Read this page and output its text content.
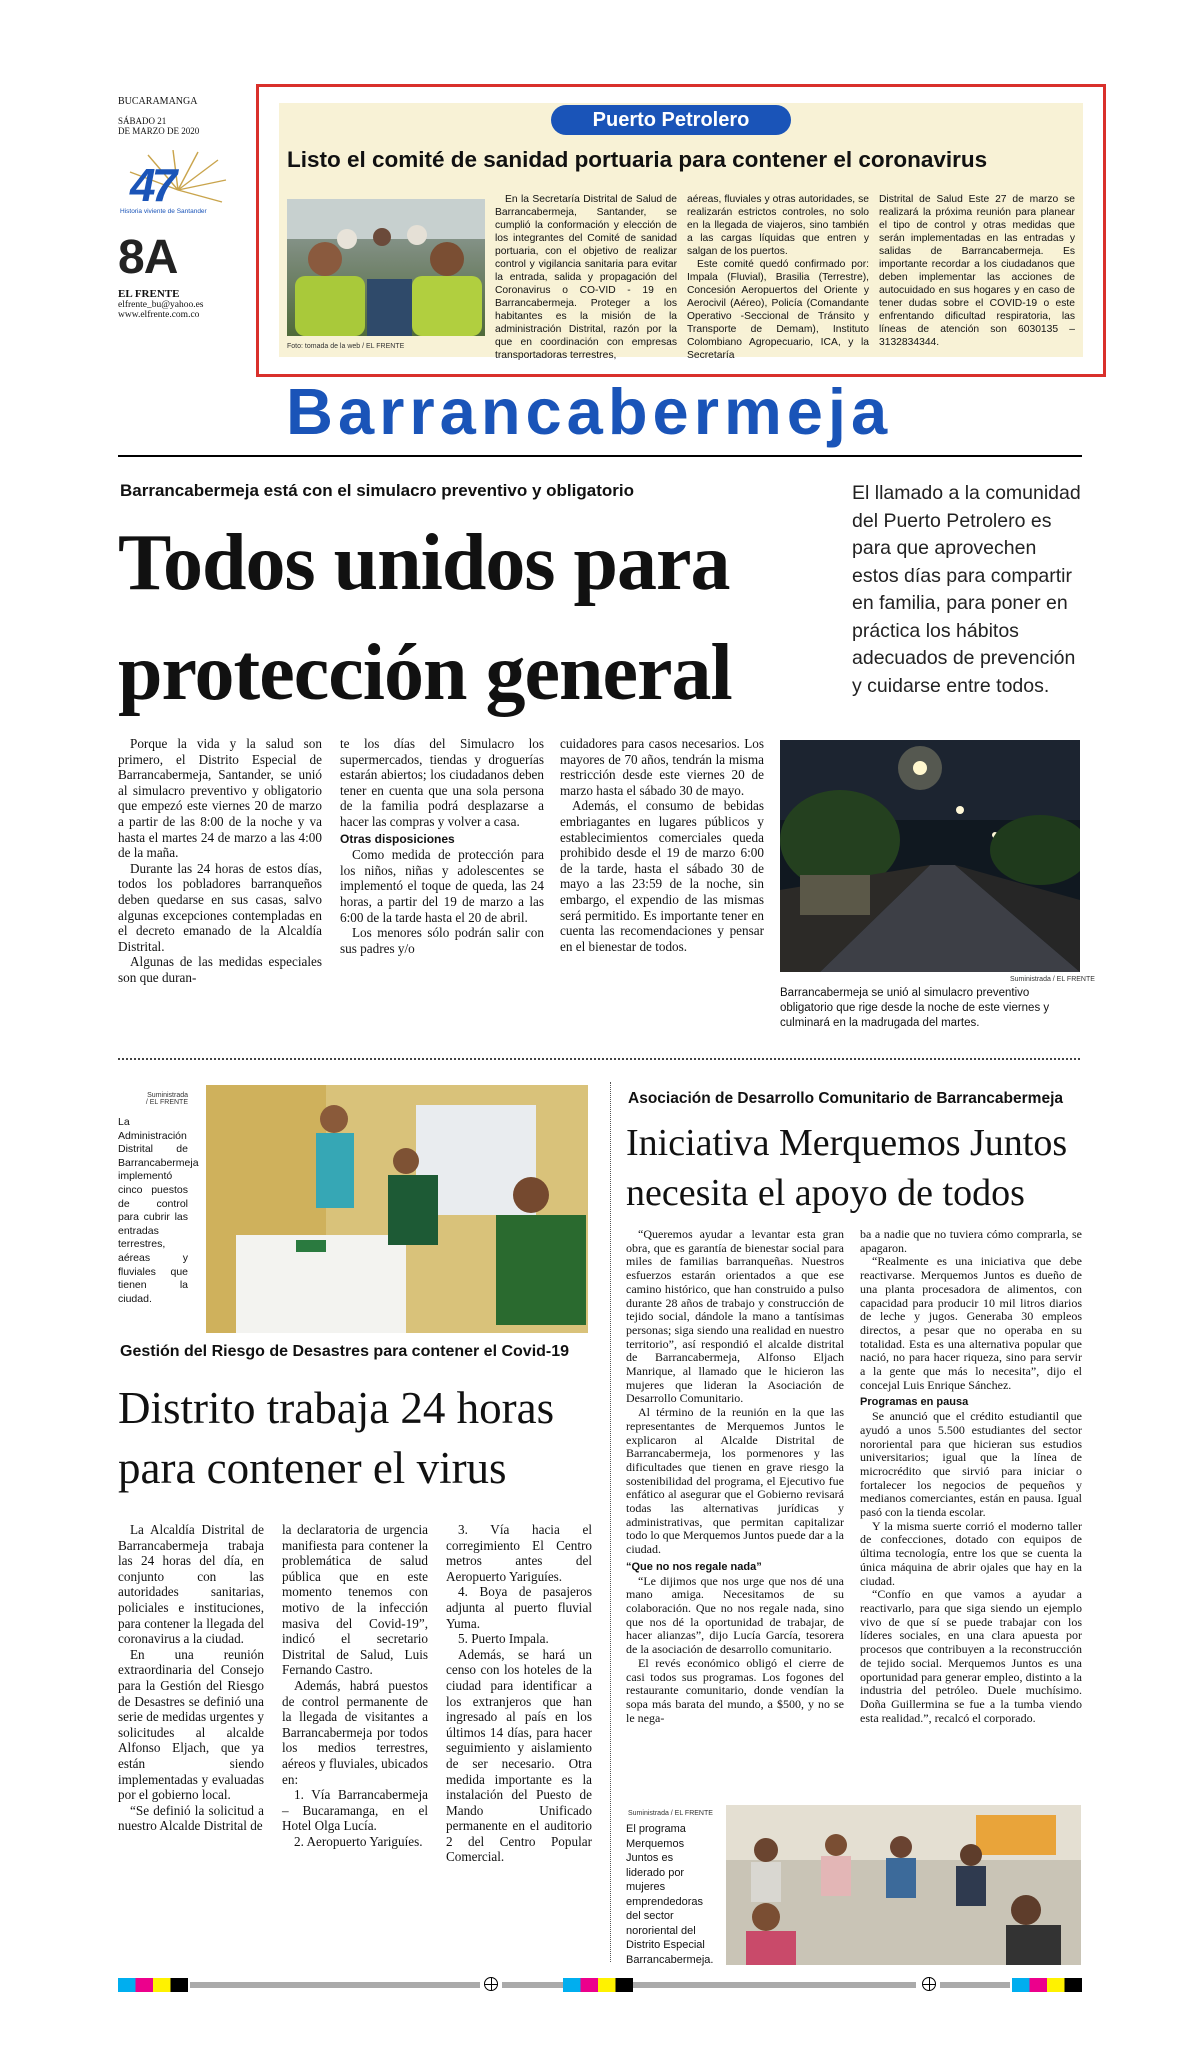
BUCARAMANGA
SÁBADO 21
DE MARZO DE 2020
47
Historia viviente de Santander
8A
EL FRENTE
elfrente_bu@yahoo.es
www.elfrente.com.co
Puerto Petrolero
Listo el comité de sanidad portuaria para contener el coronavirus
Foto: tomada de la web / EL FRENTE

En la Secretaría Distrital de Salud de Barrancabermeja, Santander, se cumplió la conformación y elección de los integrantes del Comité de sanidad portuaria, con el objetivo de realizar control y vigilancia sanitaria para evitar la entrada, salida y propagación del Coronavirus o CO-VID - 19 en Barrancabermeja. Proteger a los habitantes es la misión de la administración Distrital, razón por la que en coordinación con empresas transportadoras terrestres,

aéreas, fluviales y otras autoridades, se realizarán estrictos controles, no solo en la llegada de viajeros, sino también a las cargas líquidas que entren y salgan de los puertos.

Este comité quedó confirmado por: Impala (Fluvial), Brasilia (Terrestre), Concesión Aeropuertos del Oriente y Aerocivil (Aéreo), Policía (Comandante Operativo -Seccional de Tránsito y Transporte de Demam), Instituto Colombiano Agropecuario, ICA, y la Secretaría

Distrital de Salud Este 27 de marzo se realizará la próxima reunión para planear el tipo de control y otras medidas que serán implementadas en las entradas y salidas de Barrancabermeja. Es importante recordar a los ciudadanos que deben implementar las acciones de autocuidado en sus hogares y en caso de tener dudas sobre el COVID-19 o este enfrentando dificultad respiratoria, las líneas de atención son 6030135 – 3132834344.

Barrancabermeja
Barrancabermeja está con el simulacro preventivo y obligatorio
Todos unidos para
protección general
El llamado a la comunidad del Puerto Petrolero es para que aprovechen estos días para compartir en familia, para poner en práctica los hábitos adecuados de prevención y cuidarse entre todos.

Porque la vida y la salud son primero, el Distrito Especial de Barrancabermeja, Santander, se unió al simulacro preventivo y obligatorio que empezó este viernes 20 de marzo a partir de las 8:00 de la noche y va hasta el martes 24 de marzo a las 4:00 de la maña.

Durante las 24 horas de estos días, todos los pobladores barranqueños deben quedarse en sus casas, salvo algunas excepciones contempladas en el decreto emanado de la Alcaldía Distrital.

Algunas de las medidas especiales son que duran-

te los días del Simulacro los supermercados, tiendas y droguerías estarán abiertos; los ciudadanos deben tener en cuenta que una sola persona de la familia podrá desplazarse a hacer las compras y volver a casa.

Otras disposiciones

Como medida de protección para los niños, niñas y adolescentes se implementó el toque de queda, las 24 horas, a partir del 19 de marzo a las 6:00 de la tarde hasta el 20 de abril.

Los menores sólo podrán salir con sus padres y/o

cuidadores para casos necesarios. Los mayores de 70 años, tendrán la misma restricción desde este viernes 20 de marzo hasta el sábado 30 de mayo.

Además, el consumo de bebidas embriagantes en lugares públicos y establecimientos comerciales queda prohibido desde el 19 de marzo 6:00 de la tarde, hasta el sábado 30 de mayo a las 23:59 de la noche, sin embargo, el expendio de las mismas será permitido. Es importante tener en cuenta las recomendaciones y pensar en el bienestar de todos.

Suministrada / EL FRENTE
Barrancabermeja se unió al simulacro preventivo obligatorio que rige desde la noche de este viernes y culminará en la madrugada del martes.
Suministrada / EL FRENTE
La Administración Distrital de Barrancabermeja implementó cinco puestos de control para cubrir las entradas terrestres, aéreas y fluviales que tienen la ciudad.
Gestión del Riesgo de Desastres para contener el Covid-19
Distrito trabaja 24 horas
para contener el virus

La Alcaldía Distrital de Barrancabermeja trabaja las 24 horas del día, en conjunto con las autoridades sanitarias, policiales e instituciones, para contener la llegada del coronavirus a la ciudad.

En una reunión extraordinaria del Consejo para la Gestión del Riesgo de Desastres se definió una serie de medidas urgentes y solicitudes al alcalde Alfonso Eljach, que ya están siendo implementadas y evaluadas por el gobierno local.

“Se definió la solicitud a nuestro Alcalde Distrital de

la declaratoria de urgencia manifiesta para contener la problemática de salud pública que en este momento tenemos con motivo de la infección masiva del Covid-19”, indicó el secretario Distrital de Salud, Luis Fernando Castro.

Además, habrá puestos de control permanente de la llegada de visitantes a Barrancabermeja por todos los medios terrestres, aéreos y fluviales, ubicados en:

1. Vía Barrancabermeja – Bucaramanga, en el Hotel Olga Lucía.

2. Aeropuerto Yariguíes.

3. Vía hacia el corregimiento El Centro metros antes del Aeropuerto Yariguíes.

4. Boya de pasajeros adjunta al puerto fluvial Yuma.

5. Puerto Impala.

Además, se hará un censo con los hoteles de la ciudad para identificar a los extranjeros que han ingresado al país en los últimos 14 días, para hacer seguimiento y aislamiento de ser necesario. Otra medida importante es la instalación del Puesto de Mando Unificado permanente en el auditorio 2 del Centro Popular Comercial.

Asociación de Desarrollo Comunitario de Barrancabermeja
Iniciativa Merquemos Juntos
necesita el apoyo de todos

“Queremos ayudar a levantar esta gran obra, que es garantía de bienestar social para miles de familias barranqueñas. Nuestros esfuerzos estarán orientados a que ese camino histórico, que han construido a pulso durante 28 años de trabajo y construcción de tejido social, dándole la mano a tantísimas personas; siga siendo una realidad en nuestro territorio”, así respondió el alcalde distrital de Barrancabermeja, Alfonso Eljach Manrique, al llamado que le hicieron las mujeres que lideran la Asociación de Desarrollo Comunitario.

Al término de la reunión en la que las representantes de Merquemos Juntos le explicaron al Alcalde Distrital de Barrancabermeja, los pormenores y las dificultades que tienen en grave riesgo la sostenibilidad del programa, el Ejecutivo fue enfático al asegurar que el Gobierno revisará todas las alternativas jurídicas y administrativas, que permitan capitalizar todo lo que Merquemos Juntos puede dar a la ciudad.

“Que no nos regale nada”

“Le dijimos que nos urge que nos dé una mano amiga. Necesitamos de su colaboración. Que no nos regale nada, sino que nos dé la oportunidad de trabajar, de hacer alianzas”, dijo Lucía García, tesorera de la asociación de desarrollo comunitario.

El revés económico obligó el cierre de casi todos sus programas. Los fogones del restaurante comunitario, donde vendían la sopa más barata del mundo, a $500, y no se le nega-

ba a nadie que no tuviera cómo comprarla, se apagaron.

“Realmente es una iniciativa que debe reactivarse. Merquemos Juntos es dueño de una planta procesadora de alimentos, con capacidad para producir 10 mil litros diarios de leche y jugos. Generaba 30 empleos directos, a pesar que no operaba en su totalidad. Esta es una alternativa popular que nació, no para hacer riqueza, sino para servir a la gente que más lo necesita”, dijo el concejal Luis Enrique Sánchez.

Programas en pausa

Se anunció que el crédito estudiantil que ayudó a unos 5.500 estudiantes del sector nororiental para que hicieran sus estudios universitarios; igual que la línea de microcrédito que sirvió para iniciar o fortalecer los negocios de pequeños y medianos comerciantes, están en pausa. Igual pasó con la tienda escolar.

Y la misma suerte corrió el moderno taller de confecciones, dotado con equipos de última tecnología, entre los que se cuenta la única máquina de abrir ojales que hay en la ciudad.

“Confío en que vamos a ayudar a reactivarlo, para que siga siendo un ejemplo vivo de que sí se puede trabajar con los líderes sociales, en una clara apuesta por procesos que contribuyen a la reconstrucción de tejido social. Merquemos Juntos es una oportunidad para generar empleo, distinto a la industria del petróleo. Duele muchísimo. Doña Guillermina se fue a la tumba viendo esta realidad.”, recalcó el corporado.

Suministrada / EL FRENTE
El programa Merquemos Juntos es liderado por mujeres emprendedoras del sector nororiental del Distrito Especial Barrancabermeja.
